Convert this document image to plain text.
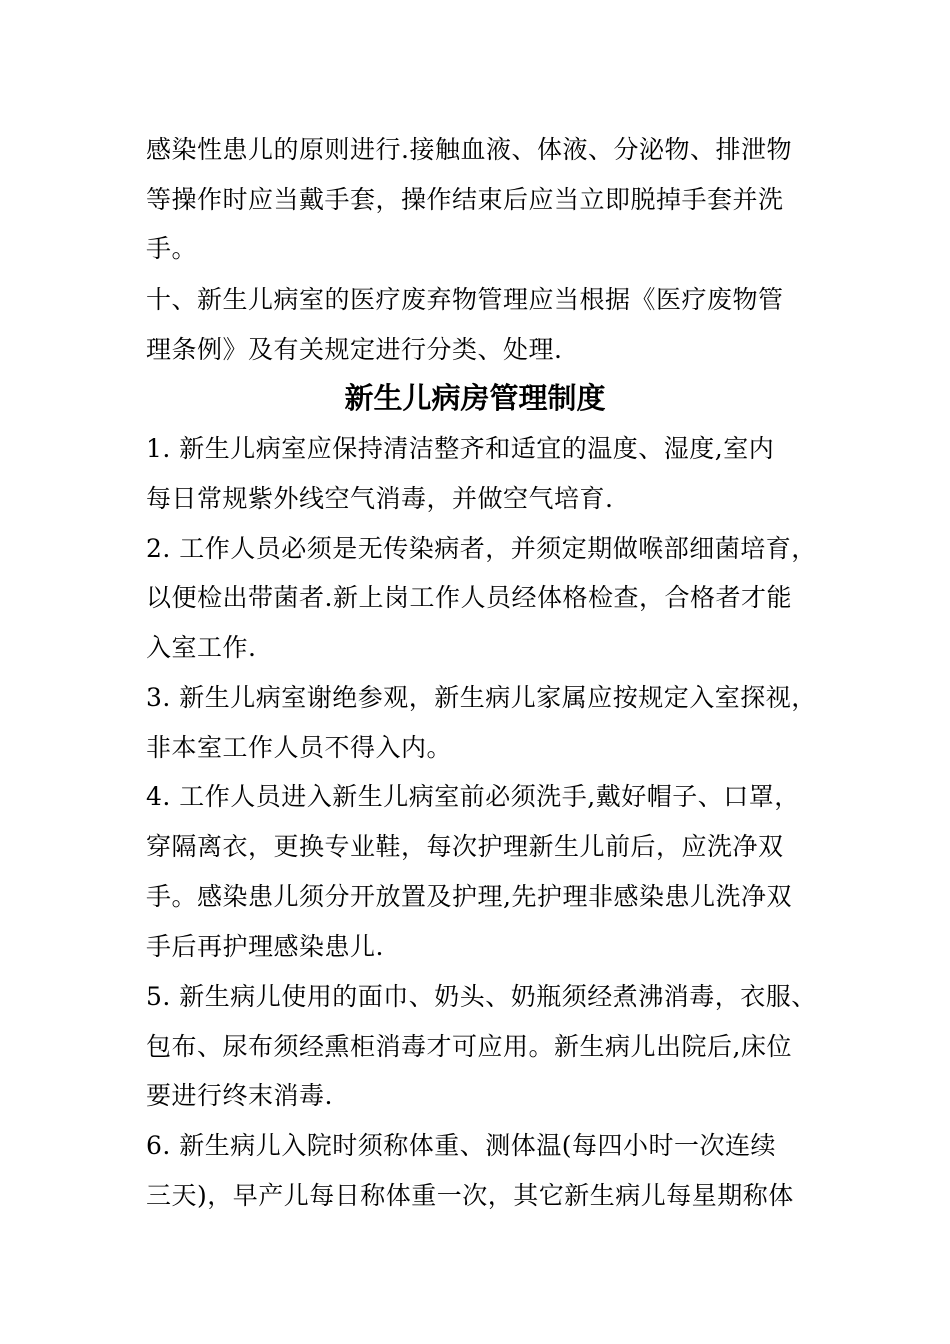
感染性患儿的原则进行.接触血液、体液、分泌物、排泄物
等操作时应当戴手套，操作结束后应当立即脱掉手套并洗
手。
十、新生儿病室的医疗废弃物管理应当根据《医疗废物管
理条例》及有关规定进行分类、处理.
新生儿病房管理制度
1. 新生儿病室应保持清洁整齐和适宜的温度、湿度,室内
每日常规紫外线空气消毒，并做空气培育.
2. 工作人员必须是无传染病者，并须定期做喉部细菌培育，
以便检出带菌者.新上岗工作人员经体格检查，合格者才能
入室工作.
3. 新生儿病室谢绝参观，新生病儿家属应按规定入室探视，
非本室工作人员不得入内。
4. 工作人员进入新生儿病室前必须洗手,戴好帽子、口罩，
穿隔离衣，更换专业鞋，每次护理新生儿前后，应洗净双
手。感染患儿须分开放置及护理,先护理非感染患儿洗净双
手后再护理感染患儿.
5. 新生病儿使用的面巾、奶头、奶瓶须经煮沸消毒，衣服、
包布、尿布须经熏柜消毒才可应用。新生病儿出院后,床位
要进行终末消毒.
6. 新生病儿入院时须称体重、测体温(每四小时一次连续
三天)，早产儿每日称体重一次，其它新生病儿每星期称体
